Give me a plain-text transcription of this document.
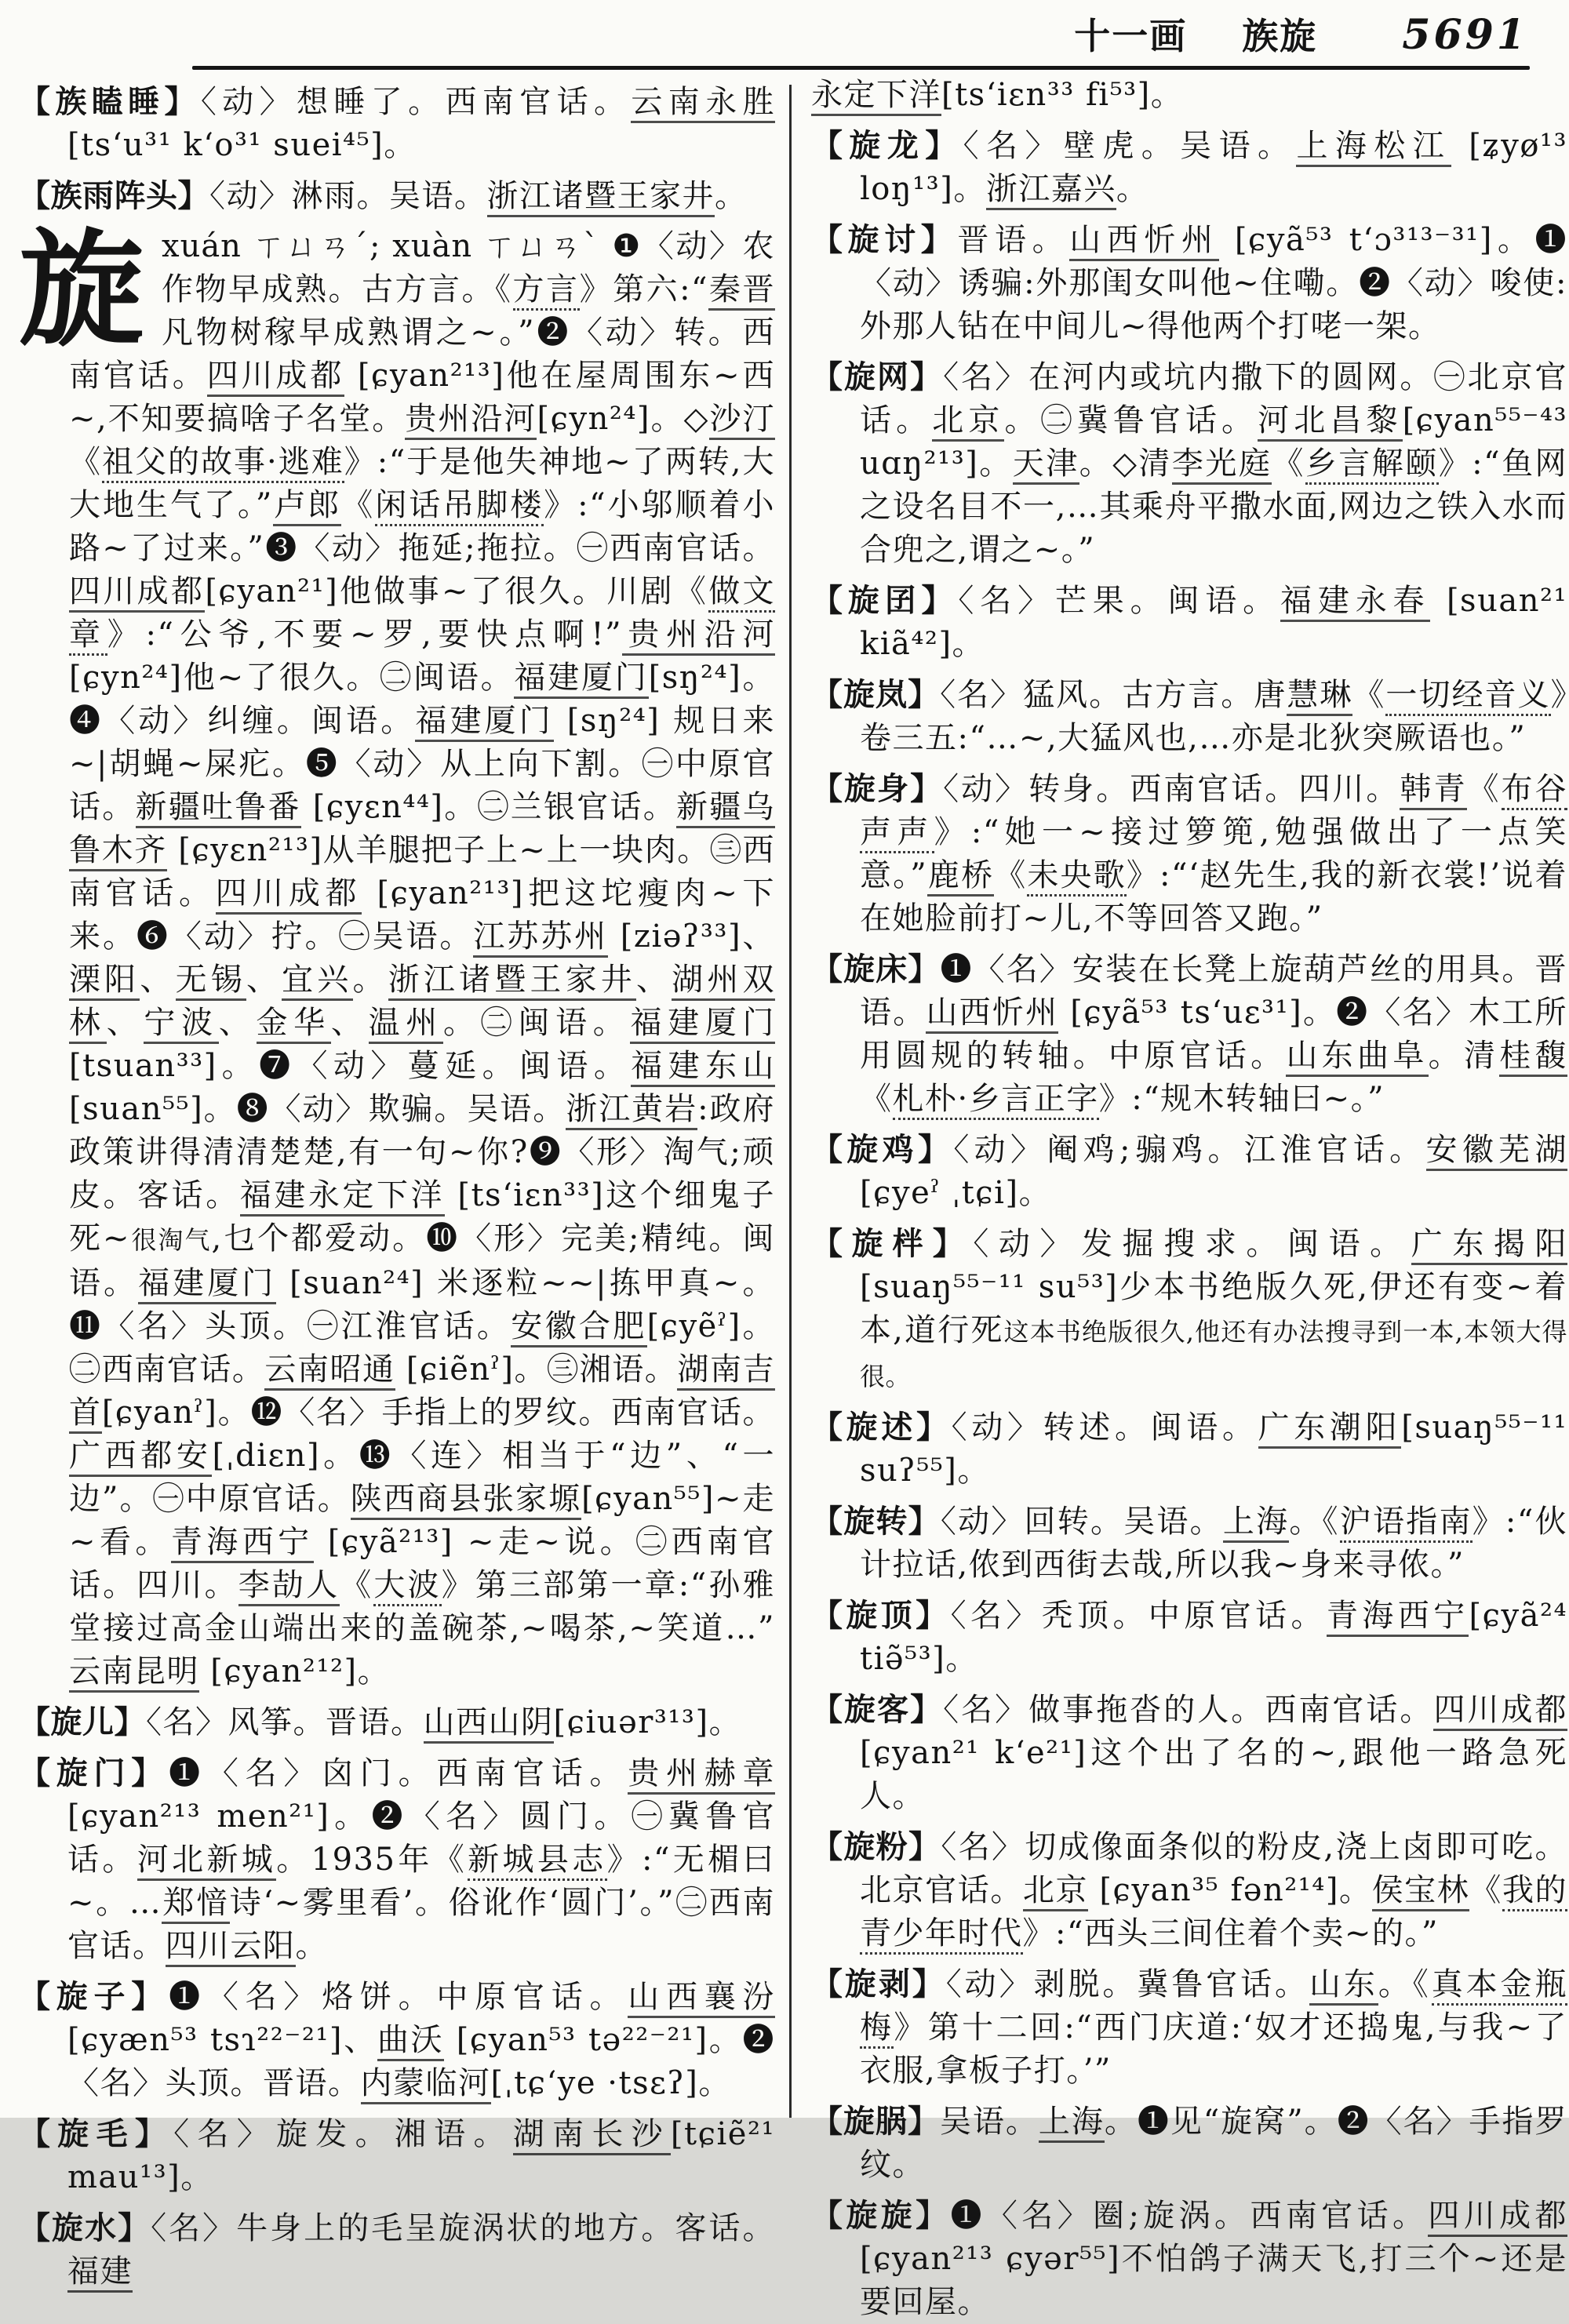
十一画 族旋 5691

【族瞌睡】〈动〉想睡了。西南官话。云南永胜[ts‘u³¹ k‘o³¹ suei⁴⁵]。

【族雨阵头】〈动〉淋雨。吴语。浙江诸暨王家井。

旋xuán ㄒㄩㄢˊ; xuàn ㄒㄩㄢˋ ❶〈动〉农作物早成熟。古方言。《方言》第六:“秦晋凡物树稼早成熟谓之~。”❷〈动〉转。西南官话。四川成都 [ɕyan²¹³]他在屋周围东~西~,不知要搞啥子名堂。贵州沿河[ɕyn²⁴]。◇沙汀《祖父的故事·逃难》:“于是他失神地~了两转,大大地生气了。”卢郎《闲话吊脚楼》:“小邬顺着小路~了过来。”❸〈动〉拖延;拖拉。㊀西南官话。四川成都[ɕyan²¹]他做事~了很久。川剧《做文章》:“公爷,不要~罗,要快点啊!”贵州沿河 [ɕyn²⁴]他~了很久。㊁闽语。福建厦门[sŋ²⁴]。❹〈动〉纠缠。闽语。福建厦门 [sŋ²⁴] 规日来~|胡蝇~屎疕。❺〈动〉从上向下割。㊀中原官话。新疆吐鲁番 [ɕyɛn⁴⁴]。㊁兰银官话。新疆乌鲁木齐 [ɕyɛn²¹³]从羊腿把子上~上一块肉。㊂西南官话。四川成都 [ɕyan²¹³]把这坨瘦肉~下来。❻〈动〉拧。㊀吴语。江苏苏州 [ziəʔ³³]、溧阳、无锡、宜兴。浙江诸暨王家井、湖州双林、宁波、金华、温州。㊁闽语。福建厦门 [tsuan³³]。❼〈动〉蔓延。闽语。福建东山[suan⁵⁵]。❽〈动〉欺骗。吴语。浙江黄岩:政府政策讲得清清楚楚,有一句~你?❾〈形〉淘气;顽皮。客话。福建永定下洋 [ts‘iɛn³³]这个细鬼子死~很淘气,乜个都爱动。❿〈形〉完美;精纯。闽语。福建厦门 [suan²⁴] 米逐粒~~|拣甲真~。⓫〈名〉头顶。㊀江淮官话。安徽合肥[ɕyẽˀ]。㊁西南官话。云南昭通 [ɕiẽnˀ]。㊂湘语。湖南吉首[ɕyanˀ]。⓬〈名〉手指上的罗纹。西南官话。广西都安[ˌdiɛn]。⓭〈连〉相当于“边”、“一边”。㊀中原官话。陕西商县张家塬[ɕyan⁵⁵]~走~看。青海西宁 [ɕyã²¹³] ~走~说。㊁西南官话。四川。李劼人《大波》第三部第一章:“孙雅堂接过高金山端出来的盖碗茶,~喝茶,~笑道…” 云南昆明 [ɕyan²¹²]。

【旋儿】〈名〉风筝。晋语。山西山阴[ɕiuər³¹³]。

【旋门】❶〈名〉囟门。西南官话。贵州赫章 [ɕyan²¹³ men²¹]。❷〈名〉圆门。㊀冀鲁官话。河北新城。1935年《新城县志》:“无楣曰~。…郑愔诗‘~雾里看’。俗讹作‘圆门’。”㊁西南官话。四川云阳。

【旋子】❶〈名〉烙饼。中原官话。山西襄汾 [ɕyæn⁵³ tsɿ²²⁻²¹]、曲沃 [ɕyan⁵³ tə²²⁻²¹]。❷〈名〉头顶。晋语。内蒙临河[ˌtɕ‘ye ·tsɛʔ]。

【旋毛】〈名〉旋发。湘语。湖南长沙[tɕiẽ²¹ mau¹³]。

【旋水】〈名〉牛身上的毛呈旋涡状的地方。客话。福建

永定下洋[ts‘iɛn³³ fi⁵³]。

【旋龙】〈名〉壁虎。吴语。上海松江 [ʑyø¹³ loŋ¹³]。浙江嘉兴。

【旋讨】晋语。山西忻州 [ɕyã⁵³ t‘ɔ³¹³⁻³¹]。❶〈动〉诱骗:外那闺女叫他~住嘞。❷〈动〉唆使:外那人钻在中间儿~得他两个打咾一架。

【旋网】〈名〉在河内或坑内撒下的圆网。㊀北京官话。北京。㊁冀鲁官话。河北昌黎[ɕyan⁵⁵⁻⁴³ uɑŋ²¹³]。天津。◇清李光庭《乡言解颐》:“鱼网之设名目不一,…其乘舟平撒水面,网边之铁入水而合兜之,谓之~。”

【旋囝】〈名〉芒果。闽语。福建永春 [suan²¹ kiã⁴²]。

【旋岚】〈名〉猛风。古方言。唐慧琳《一切经音义》卷三五:“…~,大猛风也,…亦是北狄突厥语也。”

【旋身】〈动〉转身。西南官话。四川。韩青《布谷声声》:“她一~接过箩篼,勉强做出了一点笑意。”鹿桥《未央歌》:“‘赵先生,我的新衣裳!’说着在她脸前打~儿,不等回答又跑。”

【旋床】❶〈名〉安装在长凳上旋葫芦丝的用具。晋语。山西忻州 [ɕyã⁵³ ts‘uɛ³¹]。❷〈名〉木工所用圆规的转轴。中原官话。山东曲阜。清桂馥《札朴·乡言正字》:“规木转轴曰~。”

【旋鸡】〈动〉阉鸡;骟鸡。江淮官话。安徽芜湖 [ɕyeˀ ˌtɕi]。

【旋柈】〈动〉发掘搜求。闽语。广东揭阳 [suaŋ⁵⁵⁻¹¹ su⁵³]少本书绝版久死,伊还有变~着本,道行死这本书绝版很久,他还有办法搜寻到一本,本领大得很。

【旋述】〈动〉转述。闽语。广东潮阳[suaŋ⁵⁵⁻¹¹ suʔ⁵⁵]。

【旋转】〈动〉回转。吴语。上海。《沪语指南》:“伙计拉话,侬到西街去哉,所以我~身来寻侬。”

【旋顶】〈名〉秃顶。中原官话。青海西宁[ɕyã²⁴ tiə̃⁵³]。

【旋客】〈名〉做事拖沓的人。西南官话。四川成都[ɕyan²¹ k‘e²¹]这个出了名的~,跟他一路急死人。

【旋粉】〈名〉切成像面条似的粉皮,浇上卤即可吃。北京官话。北京 [ɕyan³⁵ fən²¹⁴]。侯宝林《我的青少年时代》:“西头三间住着个卖~的。”

【旋剥】〈动〉剥脱。冀鲁官话。山东。《真本金瓶梅》第十二回:“西门庆道:‘奴才还捣鬼,与我~了衣服,拿板子打。’”

【旋脶】吴语。上海。❶见“旋窝”。❷〈名〉手指罗纹。

【旋旋】❶〈名〉圈;旋涡。西南官话。四川成都[ɕyan²¹³ ɕyər⁵⁵]不怕鸽子满天飞,打三个~还是要回屋。
